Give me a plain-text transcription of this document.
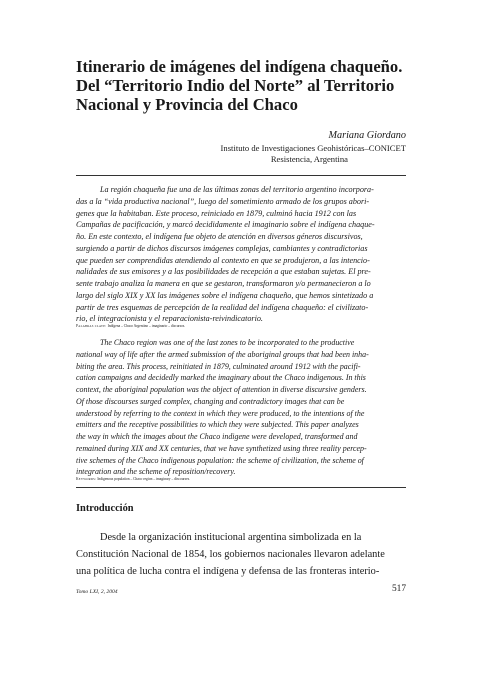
Itinerario de imágenes del indígena chaqueño.
Del “Territorio Indio del Norte” al Territorio
Nacional y Provincia del Chaco
Mariana Giordano
Instituto de Investigaciones Geohistóricas–CONICET
Resistencia, Argentina
La región chaqueña fue una de las últimas zonas del territorio argentino incorpora-
das a la “vida productiva nacional”, luego del sometimiento armado de los grupos abori-
genes que la habitaban. Este proceso, reiniciado en 1879, culminó hacia 1912 con las
Campañas de pacificación, y marcó decididamente el imaginario sobre el indígena chaque-
ño. En este contexto, el indígena fue objeto de atención en diversos géneros discursivos,
surgiendo a partir de dichos discursos imágenes complejas, cambiantes y contradictorias
que pueden ser comprendidas atendiendo al contexto en que se produjeron, a las intencio-
nalidades de sus emisores y a las posibilidades de recepción a que estaban sujetas. El pre-
sente trabajo analiza la manera en que se gestaron, transformaron y/o permanecieron a lo
largo del siglo XIX y XX las imágenes sobre el indígena chaqueño, que hemos sintetizado a
partir de tres esquemas de percepción de la realidad del indígena chaqueño: el civilizato-
rio, el integracionista y el reparacionista-reivindicatorio.
Palabras clave: Indígena – Chaco Argentino – imaginario – discursos.
The Chaco region was one of the last zones to be incorporated to the productive
national way of life after the armed submission of the aboriginal groups that had been inha-
biting the area. This process, reinitiated in 1879, culminated around 1912 with the pacifi-
cation campaigns and decidedly marked the imaginary about the Chaco indigenous. In this
context, the aboriginal population was the object of attention in diverse discursive genders.
Of those discourses surged complex, changing and contradictory images that can be
understood by referring to the context in which they were produced, to the intentions of the
emitters and the receptive possibilities to which they were subjected. This paper analyzes
the way in which the images about the Chaco indigene were developed, transformed and
remained during XIX and XX centuries, that we have synthetized using three reality percep-
tive schemes of the Chaco indigenous population: the scheme of civilization, the scheme of
integration and the scheme of reposition/recovery.
Keywords: Indigenous population – Chaco region – imaginary – discourses.
Introducción
Desde la organización institucional argentina simbolizada en la
Constitución Nacional de 1854, los gobiernos nacionales llevaron adelante
una política de lucha contra el indígena y defensa de las fronteras interio-
Tomo LXI, 2, 2004	517
